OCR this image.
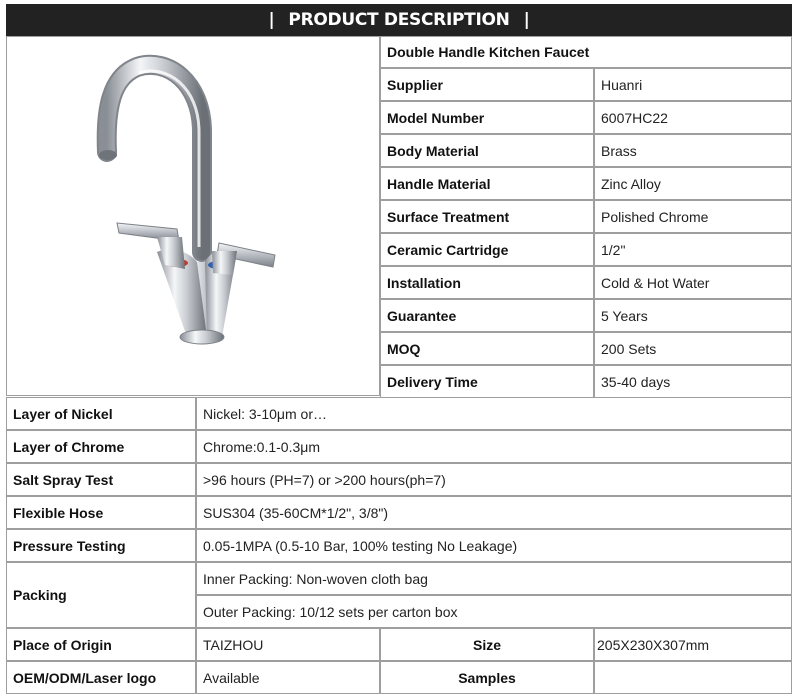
| PRODUCT DESCRIPTION |
Double Handle Kitchen Faucet
Supplier	Huanri
Model Number	6007HC22
Body Material	Brass
Handle Material	Zinc Alloy
Surface Treatment	Polished Chrome
Ceramic Cartridge	1/2"
Installation	Cold & Hot Water
Guarantee	5 Years
MOQ	200 Sets
Delivery Time	35-40 days
Layer of Nickel	Nickel: 3-10μm or…
Layer of Chrome	Chrome:0.1-0.3μm
Salt Spray Test	>96 hours (PH=7) or >200 hours(ph=7)
Flexible Hose	SUS304 (35-60CM*1/2", 3/8")
Pressure Testing	0.05-1MPA (0.5-10 Bar, 100% testing No Leakage)
Packing
Inner Packing: Non-woven cloth bag
Outer Packing: 10/12 sets per carton box
Place of Origin	TAIZHOU	Size	205X230X307mm
OEM/ODM/Laser logo	Available	Samples
